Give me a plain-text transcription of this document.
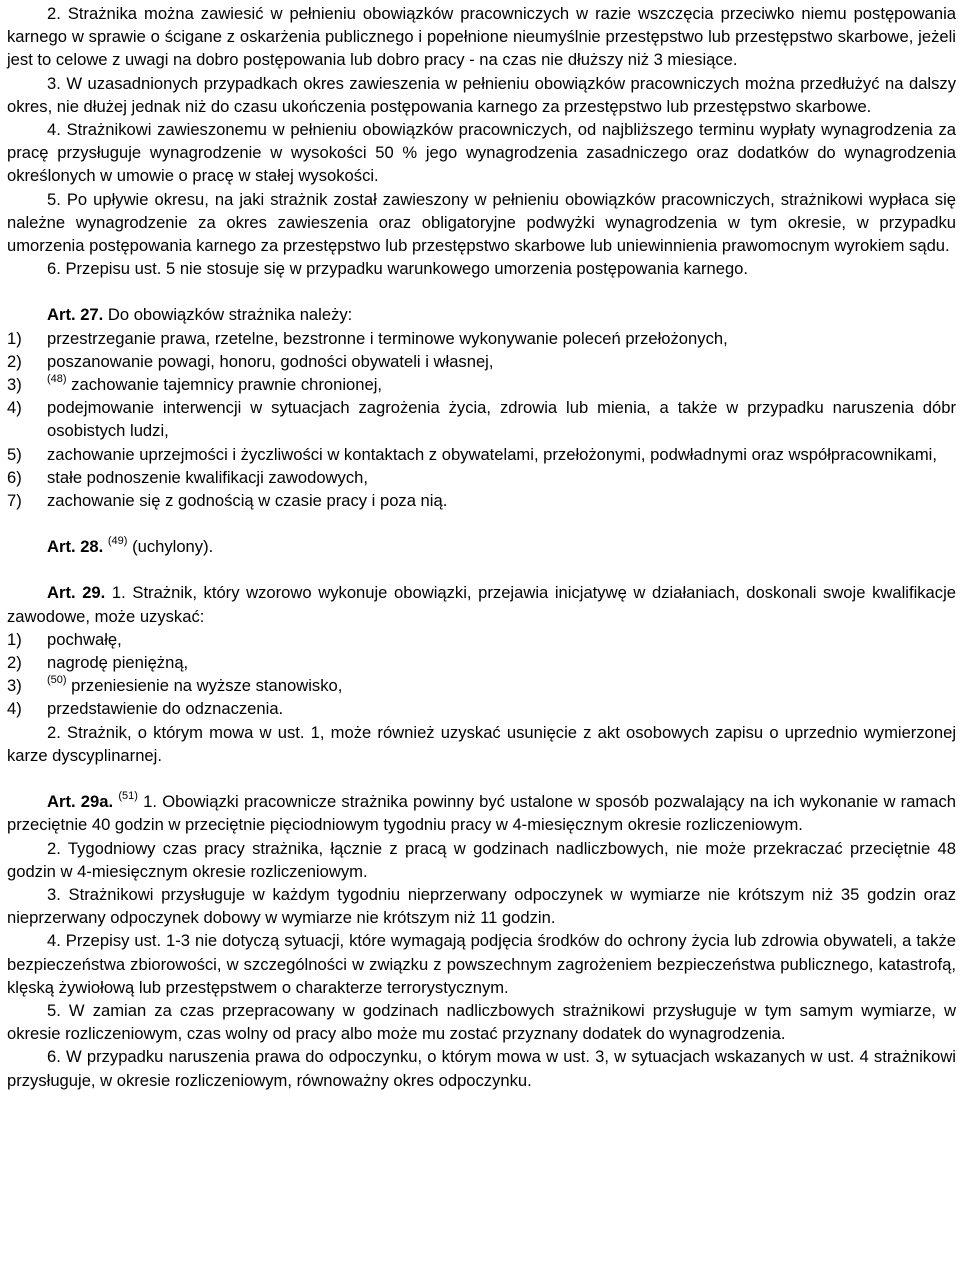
2. Strażnika można zawiesić w pełnieniu obowiązków pracowniczych w razie wszczęcia przeciwko niemu postępowania karnego w sprawie o ścigane z oskarżenia publicznego i popełnione nieumyślnie przestępstwo lub przestępstwo skarbowe, jeżeli jest to celowe z uwagi na dobro postępowania lub dobro pracy - na czas nie dłuższy niż 3 miesiące.

3. W uzasadnionych przypadkach okres zawieszenia w pełnieniu obowiązków pracowniczych można przedłużyć na dalszy okres, nie dłużej jednak niż do czasu ukończenia postępowania karnego za przestępstwo lub przestępstwo skarbowe.

4. Strażnikowi zawieszonemu w pełnieniu obowiązków pracowniczych, od najbliższego terminu wypłaty wynagrodzenia za pracę przysługuje wynagrodzenie w wysokości 50 % jego wynagrodzenia zasadniczego oraz dodatków do wynagrodzenia określonych w umowie o pracę w stałej wysokości.

5. Po upływie okresu, na jaki strażnik został zawieszony w pełnieniu obowiązków pracowniczych, strażnikowi wypłaca się należne wynagrodzenie za okres zawieszenia oraz obligatoryjne podwyżki wynagrodzenia w tym okresie, w przypadku umorzenia postępowania karnego za przestępstwo lub przestępstwo skarbowe lub uniewinnienia prawomocnym wyrokiem sądu.

6. Przepisu ust. 5 nie stosuje się w przypadku warunkowego umorzenia postępowania karnego.

Art. 27. Do obowiązków strażnika należy:

1) przestrzeganie prawa, rzetelne, bezstronne i terminowe wykonywanie poleceń przełożonych,

2) poszanowanie powagi, honoru, godności obywateli i własnej,

3) $^{(48)}$ zachowanie tajemnicy prawnie chronionej,

4) podejmowanie interwencji w sytuacjach zagrożenia życia, zdrowia lub mienia, a także w przypadku naruszenia dóbr osobistych ludzi,

5) zachowanie uprzejmości i życzliwości w kontaktach z obywatelami, przełożonymi, podwładnymi oraz współpracownikami,

6) stałe podnoszenie kwalifikacji zawodowych,

7) zachowanie się z godnością w czasie pracy i poza nią.

Art. 28. $^{(49)}$ (uchylony).

Art. 29. 1. Strażnik, który wzorowo wykonuje obowiązki, przejawia inicjatywę w działaniach, doskonali swoje kwalifikacje zawodowe, może uzyskać:

1) pochwałę,

2) nagrodę pieniężną,

3) $^{(50)}$ przeniesienie na wyższe stanowisko,

4) przedstawienie do odznaczenia.

2. Strażnik, o którym mowa w ust. 1, może również uzyskać usunięcie z akt osobowych zapisu o uprzednio wymierzonej karze dyscyplinarnej.

Art. 29a. $^{(51)}$ 1. Obowiązki pracownicze strażnika powinny być ustalone w sposób pozwalający na ich wykonanie w ramach przeciętnie 40 godzin w przeciętnie pięciodniowym tygodniu pracy w 4-miesięcznym okresie rozliczeniowym.

2. Tygodniowy czas pracy strażnika, łącznie z pracą w godzinach nadliczbowych, nie może przekraczać przeciętnie 48 godzin w 4-miesięcznym okresie rozliczeniowym.

3. Strażnikowi przysługuje w każdym tygodniu nieprzerwany odpoczynek w wymiarze nie krótszym niż 35 godzin oraz nieprzerwany odpoczynek dobowy w wymiarze nie krótszym niż 11 godzin.

4. Przepisy ust. 1-3 nie dotyczą sytuacji, które wymagają podjęcia środków do ochrony życia lub zdrowia obywateli, a także bezpieczeństwa zbiorowości, w szczególności w związku z powszechnym zagrożeniem bezpieczeństwa publicznego, katastrofą, klęską żywiołową lub przestępstwem o charakterze terrorystycznym.

5. W zamian za czas przepracowany w godzinach nadliczbowych strażnikowi przysługuje w tym samym wymiarze, w okresie rozliczeniowym, czas wolny od pracy albo może mu zostać przyznany dodatek do wynagrodzenia.

6. W przypadku naruszenia prawa do odpoczynku, o którym mowa w ust. 3, w sytuacjach wskazanych w ust. 4 strażnikowi przysługuje, w okresie rozliczeniowym, równoważny okres odpoczynku.
